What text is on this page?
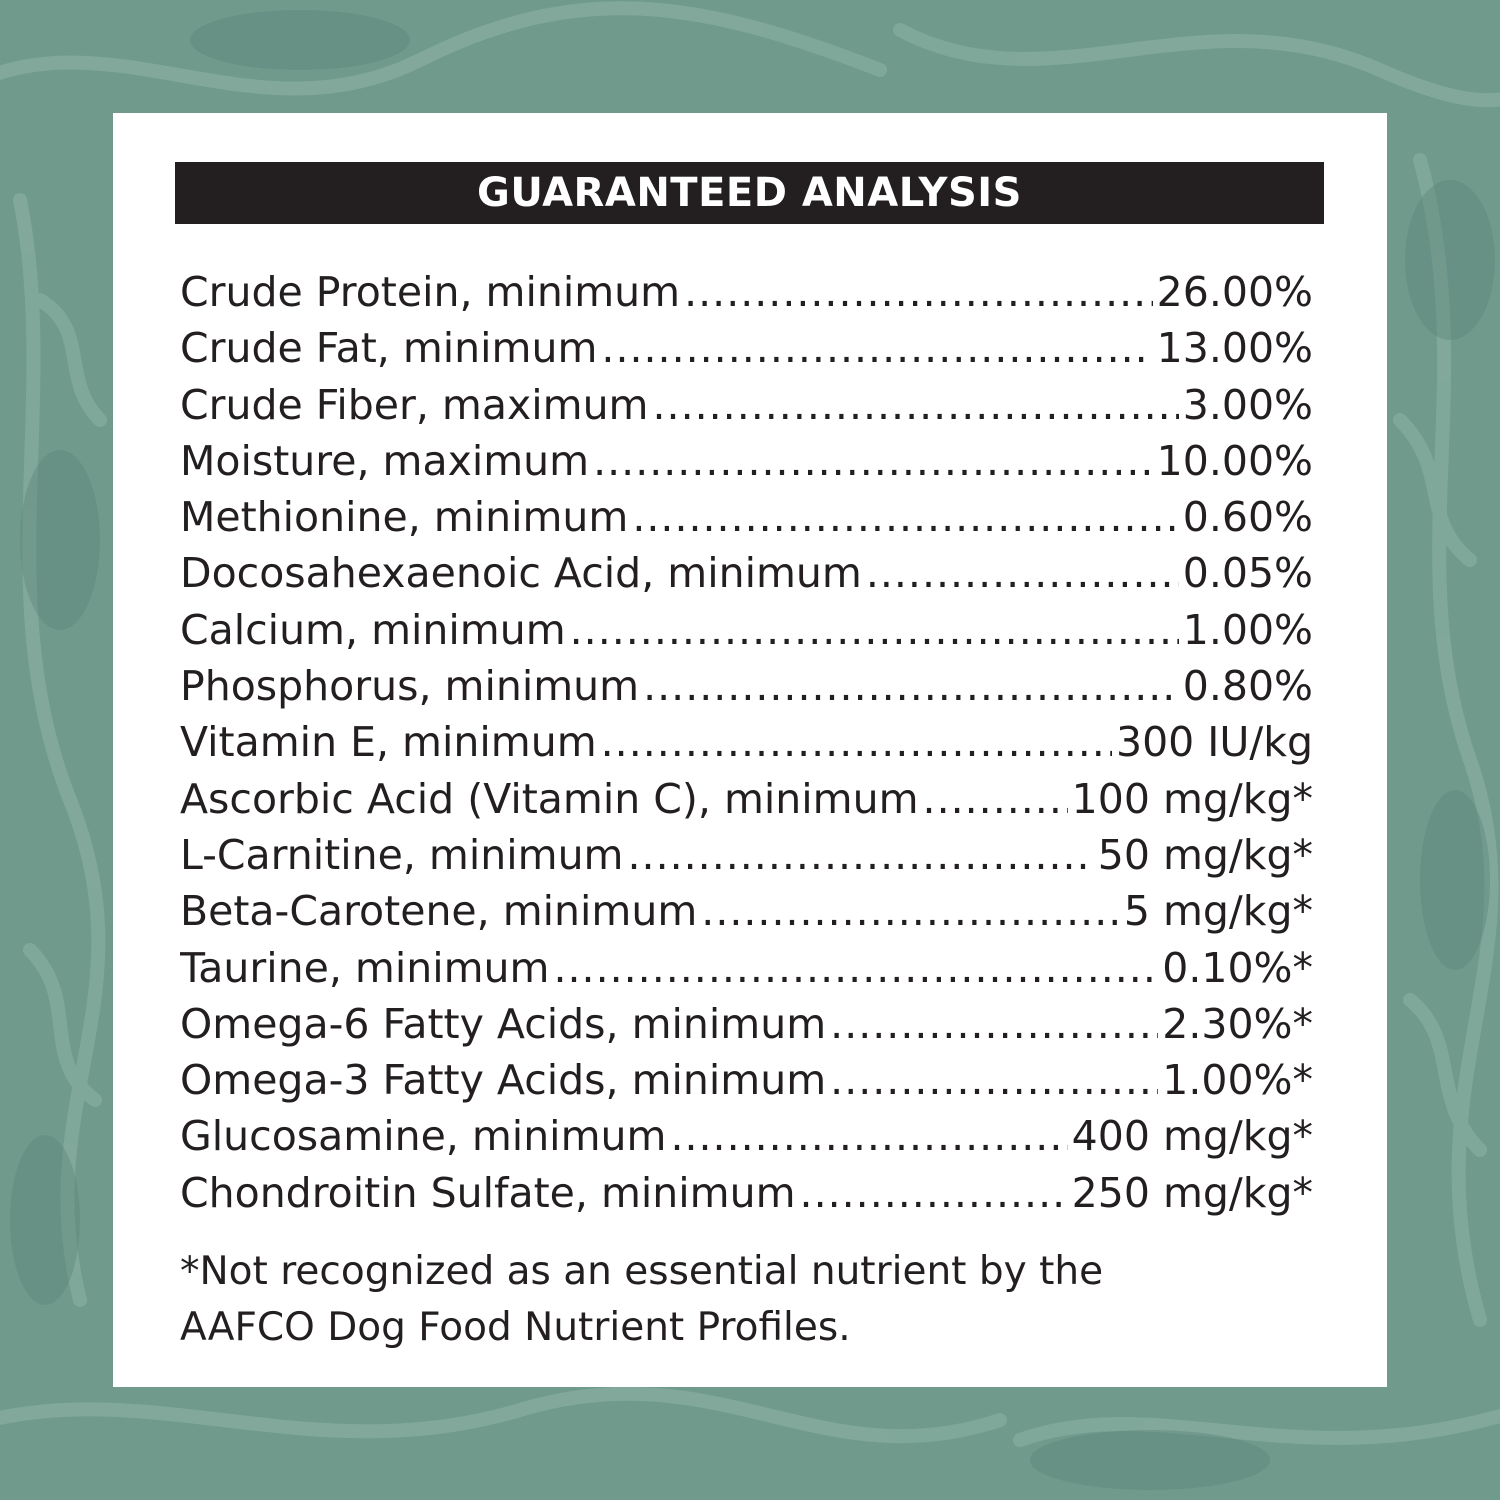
GUARANTEED ANALYSIS
Crude Protein, minimum .....	26.00%
Crude Fat, minimum .....	13.00%
Crude Fiber, maximum .....	3.00%
Moisture, maximum .....	10.00%
Methionine, minimum .....	0.60%
Docosahexaenoic Acid, minimum .....	0.05%
Calcium, minimum .....	1.00%
Phosphorus, minimum .....	0.80%
Vitamin E, minimum .....	300 IU/kg
Ascorbic Acid (Vitamin C), minimum .....	100 mg/kg*
L-Carnitine, minimum .....	50 mg/kg*
Beta-Carotene, minimum .....	5 mg/kg*
Taurine, minimum .....	0.10%*
Omega-6 Fatty Acids, minimum .....	2.30%*
Omega-3 Fatty Acids, minimum .....	1.00%*
Glucosamine, minimum .....	400 mg/kg*
Chondroitin Sulfate, minimum .....	250 mg/kg*
*Not recognized as an essential nutrient by the
AAFCO Dog Food Nutrient Profiles.
